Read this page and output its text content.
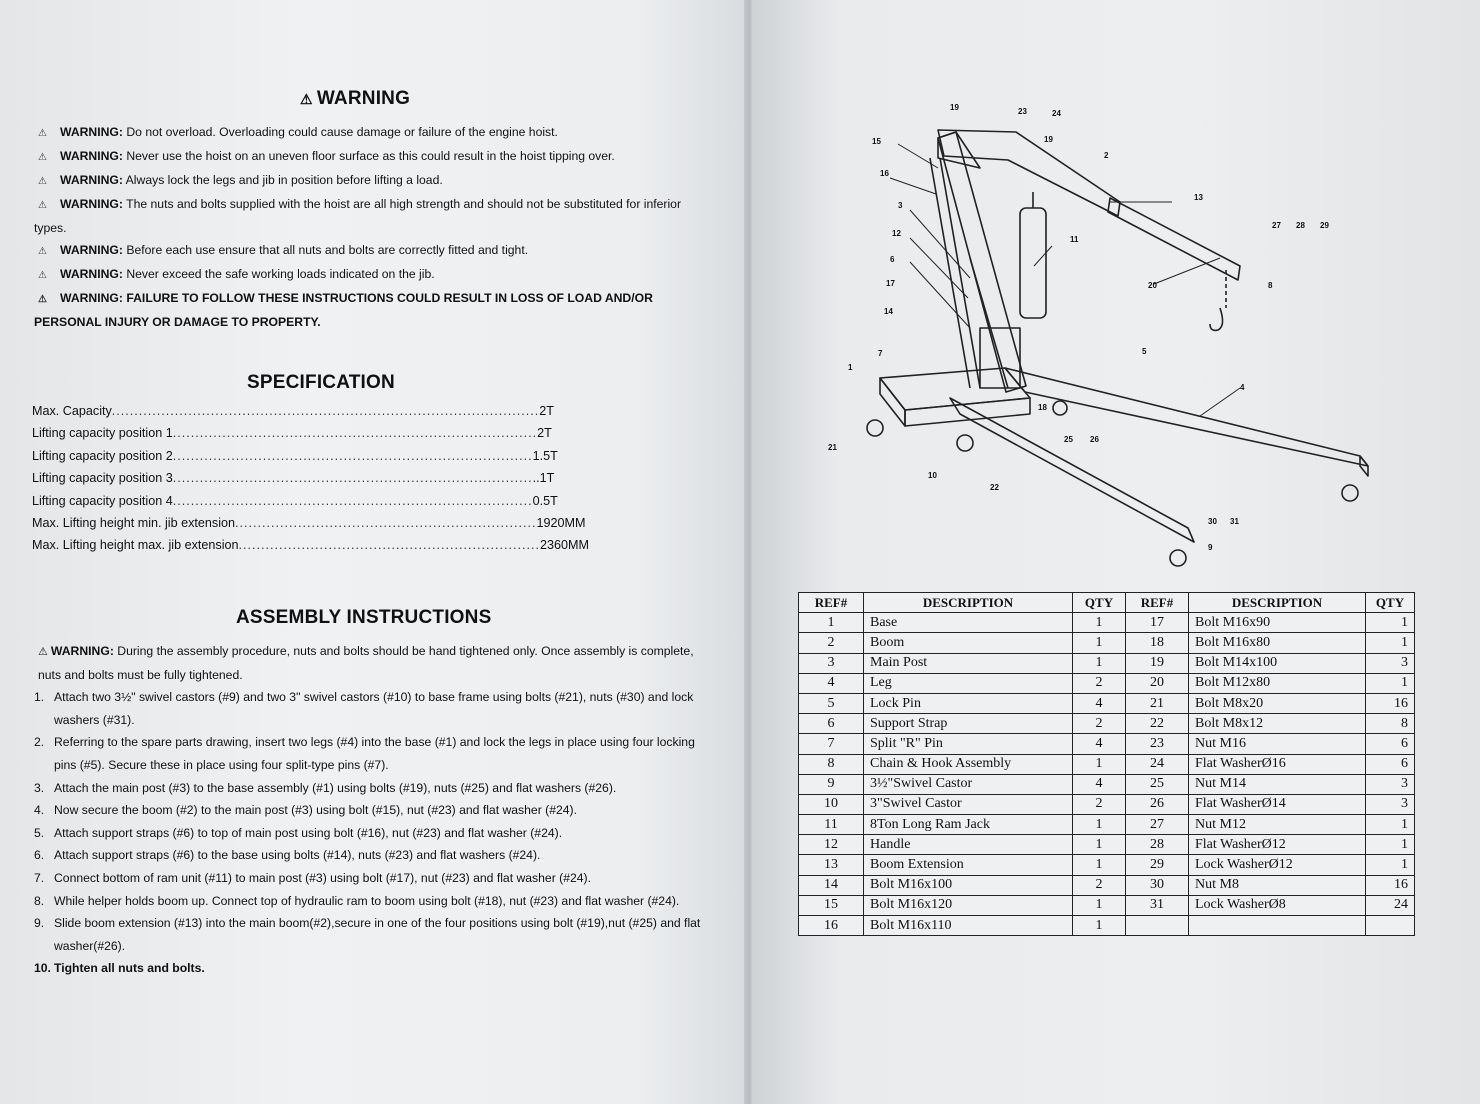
⚠ WARNING
⚠ WARNING: Do not overload. Overloading could cause damage or failure of the engine hoist.
⚠ WARNING: Never use the hoist on an uneven floor surface as this could result in the hoist tipping over.
⚠ WARNING: Always lock the legs and jib in position before lifting a load.
⚠ WARNING: The nuts and bolts supplied with the hoist are all high strength and should not be substituted for inferior types.
⚠ WARNING: Before each use ensure that all nuts and bolts are correctly fitted and tight.
⚠ WARNING: Never exceed the safe working loads indicated on the jib.
⚠ WARNING: FAILURE TO FOLLOW THESE INSTRUCTIONS COULD RESULT IN LOSS OF LOAD AND/OR PERSONAL INJURY OR DAMAGE TO PROPERTY.
SPECIFICATION
Max. Capacity ............................................................................................... 2T
Lifting capacity position 1 ................................................................................. 2T
Lifting capacity position 2 ................................................................................ 1.5T
Lifting capacity position 3 ................................................................................ ..1T
Lifting capacity position 4 ................................................................................ 0.5T
Max. Lifting height min. jib extension ................................................................... 1920MM
Max. Lifting height max. jib extension ................................................................... 2360MM
ASSEMBLY INSTRUCTIONS

⚠ WARNING: During the assembly procedure, nuts and bolts should be hand tightened only. Once assembly is complete, nuts and bolts must be fully tightened.

1. Attach two 3½" swivel castors (#9) and two 3" swivel castors (#10) to base frame using bolts (#21), nuts (#30) and lock washers (#31).

2. Referring to the spare parts drawing, insert two legs (#4) into the base (#1) and lock the legs in place using four locking pins (#5). Secure these in place using four split-type pins (#7).

3. Attach the main post (#3) to the base assembly (#1) using bolts (#19), nuts (#25) and flat washers (#26).

4. Now secure the boom (#2) to the main post (#3) using bolt (#15), nut (#23) and flat washer (#24).

5. Attach support straps (#6) to top of main post using bolt (#16), nut (#23) and flat washer (#24).

6. Attach support straps (#6) to the base using bolts (#14), nuts (#23) and flat washers (#24).

7. Connect bottom of ram unit (#11) to main post (#3) using bolt (#17), nut (#23) and flat washer (#24).

8. While helper holds boom up. Connect top of hydraulic ram to boom using bolt (#18), nut (#23) and flat washer (#24).

9. Slide boom extension (#13) into the main boom(#2),secure in one of the four positions using bolt (#19),nut (#25) and flat washer(#26).

10. Tighten all nuts and bolts.

19	23	24
15	19
2
16
3
13
12
11
27 28 29
6
20	8
17
14
7	5
1
4
18
25 26
21
10
22
30 31
9
REF#	DESCRIPTION	QTY	REF#	DESCRIPTION	QTY
1	Base	1	17	Bolt M16x90	1
2	Boom	1	18	Bolt M16x80	1
3	Main Post	1	19	Bolt M14x100	3
4	Leg	2	20	Bolt M12x80	1
5	Lock Pin	4	21	Bolt M8x20	16
6	Support Strap	2	22	Bolt M8x12	8
7	Split "R" Pin	4	23	Nut M16	6
8	Chain & Hook Assembly	1	24	Flat WasherØ16	6
9	3½"Swivel Castor	4	25	Nut M14	3
10	3"Swivel Castor	2	26	Flat WasherØ14	3
11	8Ton Long Ram Jack	1	27	Nut M12	1
12	Handle	1	28	Flat WasherØ12	1
13	Boom Extension	1	29	Lock WasherØ12	1
14	Bolt M16x100	2	30	Nut M8	16
15	Bolt M16x120	1	31	Lock WasherØ8	24
16	Bolt M16x110	1			
